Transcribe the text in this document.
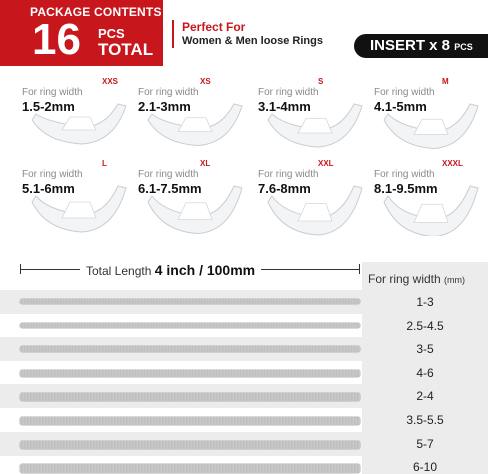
PACKAGE CONTENTS
16 PCS
TOTAL
Perfect For
Women & Men loose Rings	INSERT x 8 PCS
XXS
For ring width
1.5-2mm
XS
For ring width
2.1-3mm
S
For ring width
3.1-4mm
M
For ring width
4.1-5mm
L
For ring width
5.1-6mm
XL
For ring width
6.1-7.5mm
XXL
For ring width
7.6-8mm
XXXL
For ring width
8.1-9.5mm
Total Length 4 inch / 100mm
For ring width (mm)
1-3
2.5-4.5
3-5
4-6
2-4
3.5-5.5
5-7
6-10
